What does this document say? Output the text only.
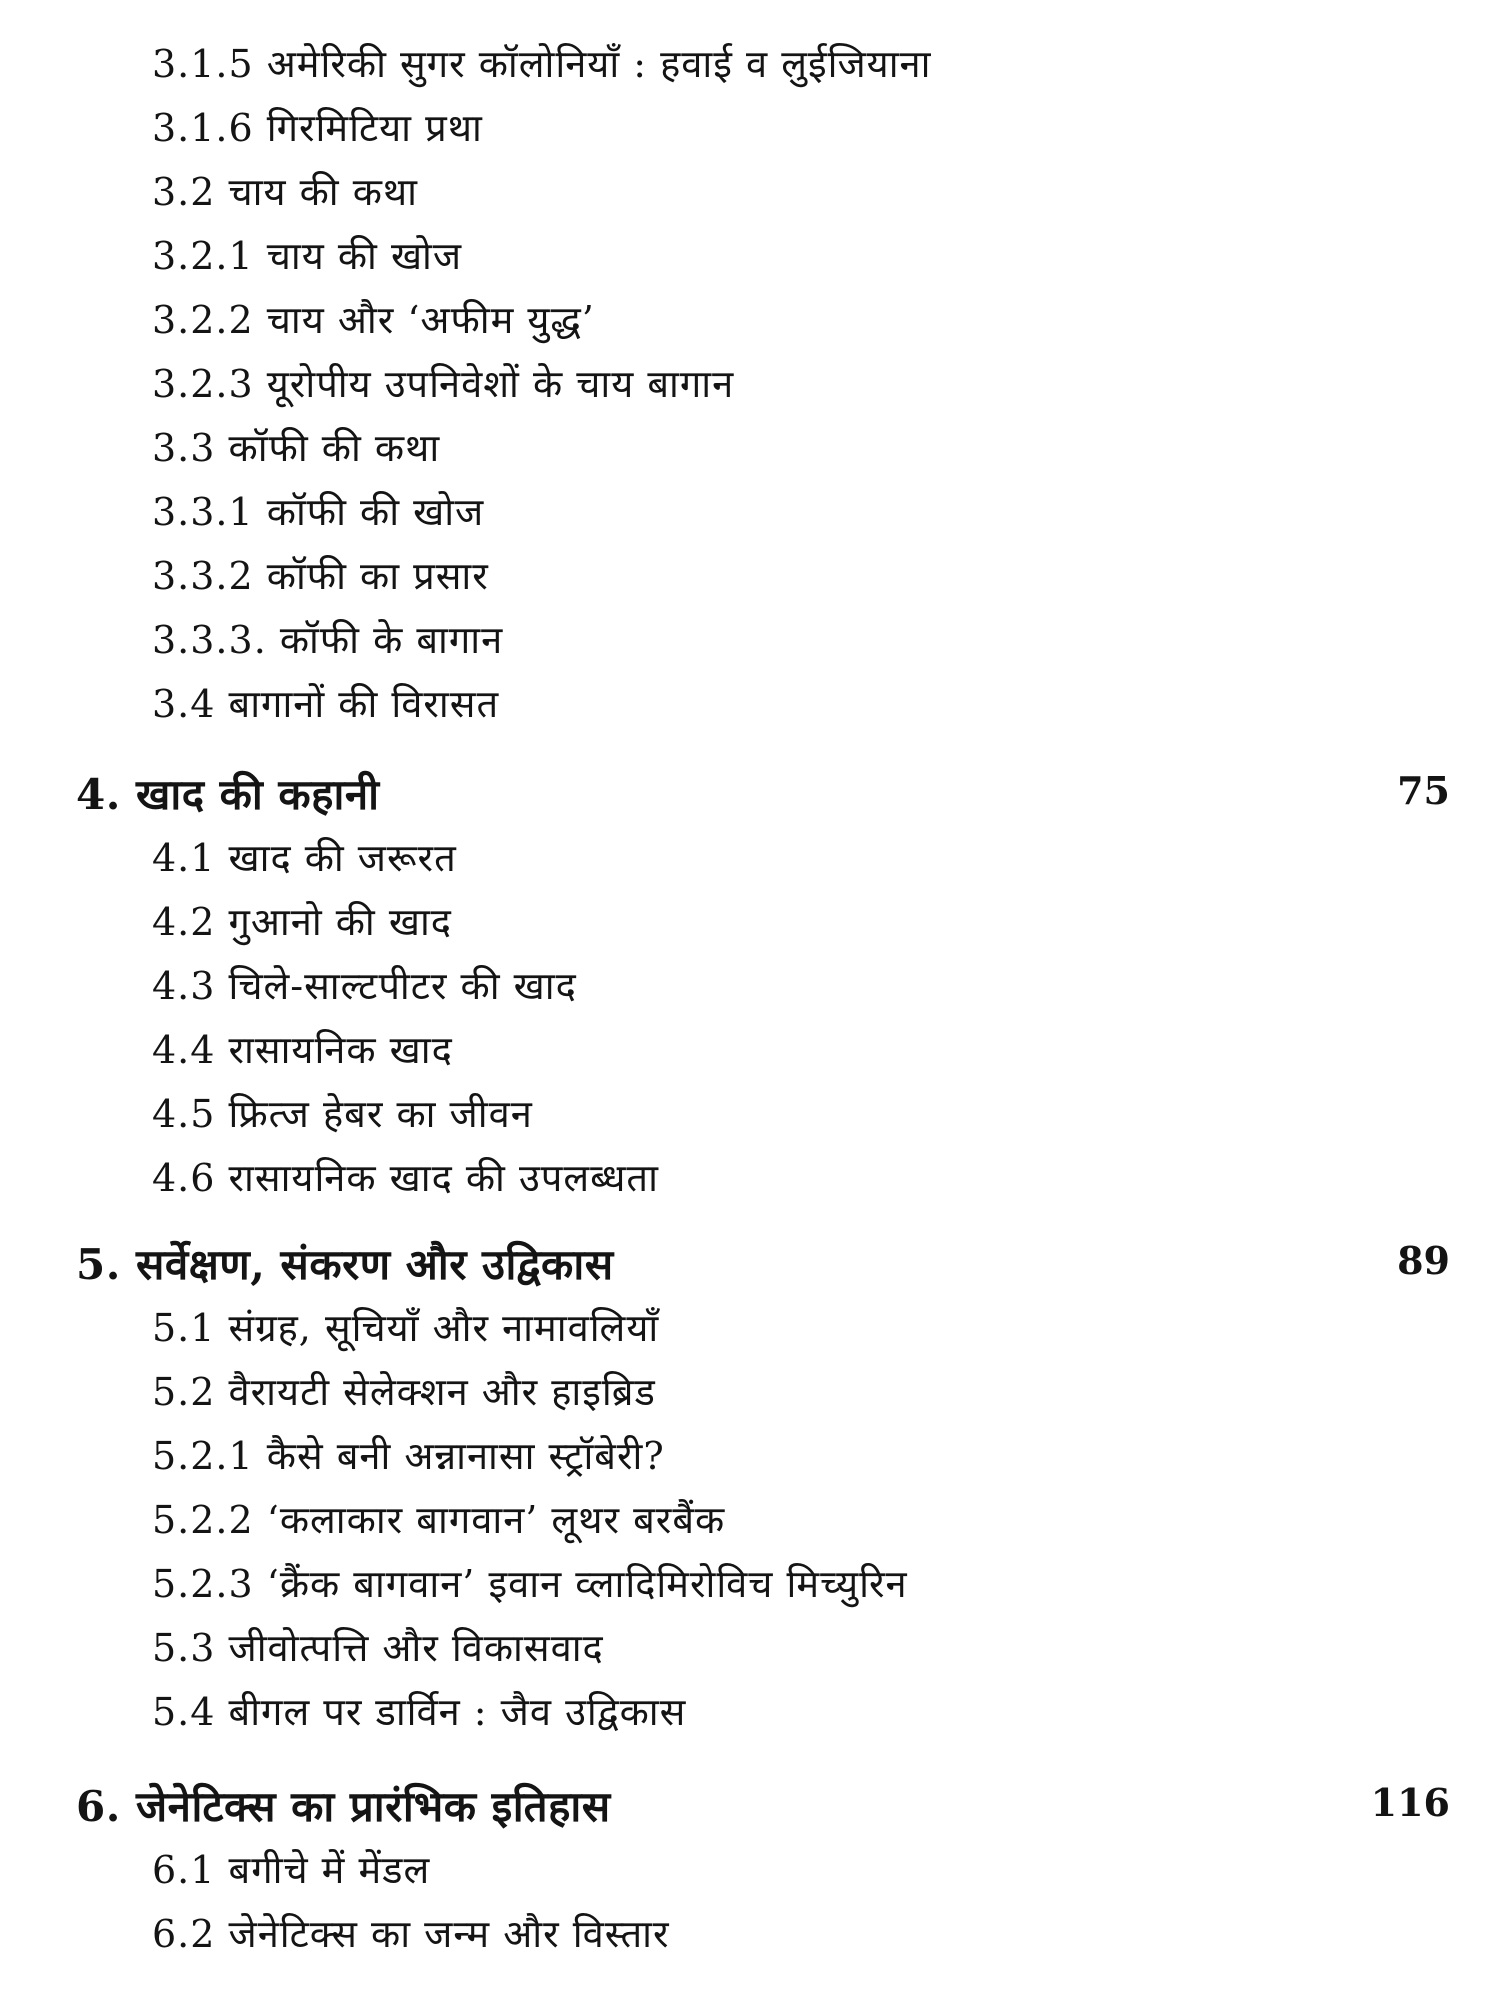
3.1.5 अमेरिकी सुगर कॉलोनियाँ : हवाई व लुईजियाना
3.1.6 गिरमिटिया प्रथा
3.2 चाय की कथा
3.2.1 चाय की खोज
3.2.2 चाय और ‘अफीम युद्ध’
3.2.3 यूरोपीय उपनिवेशों के चाय बागान
3.3 कॉफी की कथा
3.3.1 कॉफी की खोज
3.3.2 कॉफी का प्रसार
3.3.3. कॉफी के बागान
3.4 बागानों की विरासत
4. खाद की कहानी	75
4.1 खाद की जरूरत
4.2 गुआनो की खाद
4.3 चिले-साल्टपीटर की खाद
4.4 रासायनिक खाद
4.5 फ्रित्ज हेबर का जीवन
4.6 रासायनिक खाद की उपलब्धता
5. सर्वेक्षण, संकरण और उद्विकास	89
5.1 संग्रह, सूचियाँ और नामावलियाँ
5.2 वैरायटी सेलेक्शन और हाइब्रिड
5.2.1 कैसे बनी अन्नानासा स्ट्रॉबेरी?
5.2.2 ‘कलाकार बागवान’ लूथर बरबैंक
5.2.3 ‘क्रैंक बागवान’ इवान व्लादिमिरोविच मिच्युरिन
5.3 जीवोत्पत्ति और विकासवाद
5.4 बीगल पर डार्विन : जैव उद्विकास
6. जेनेटिक्स का प्रारंभिक इतिहास	116
6.1 बगीचे में मेंडल
6.2 जेनेटिक्स का जन्म और विस्तार
